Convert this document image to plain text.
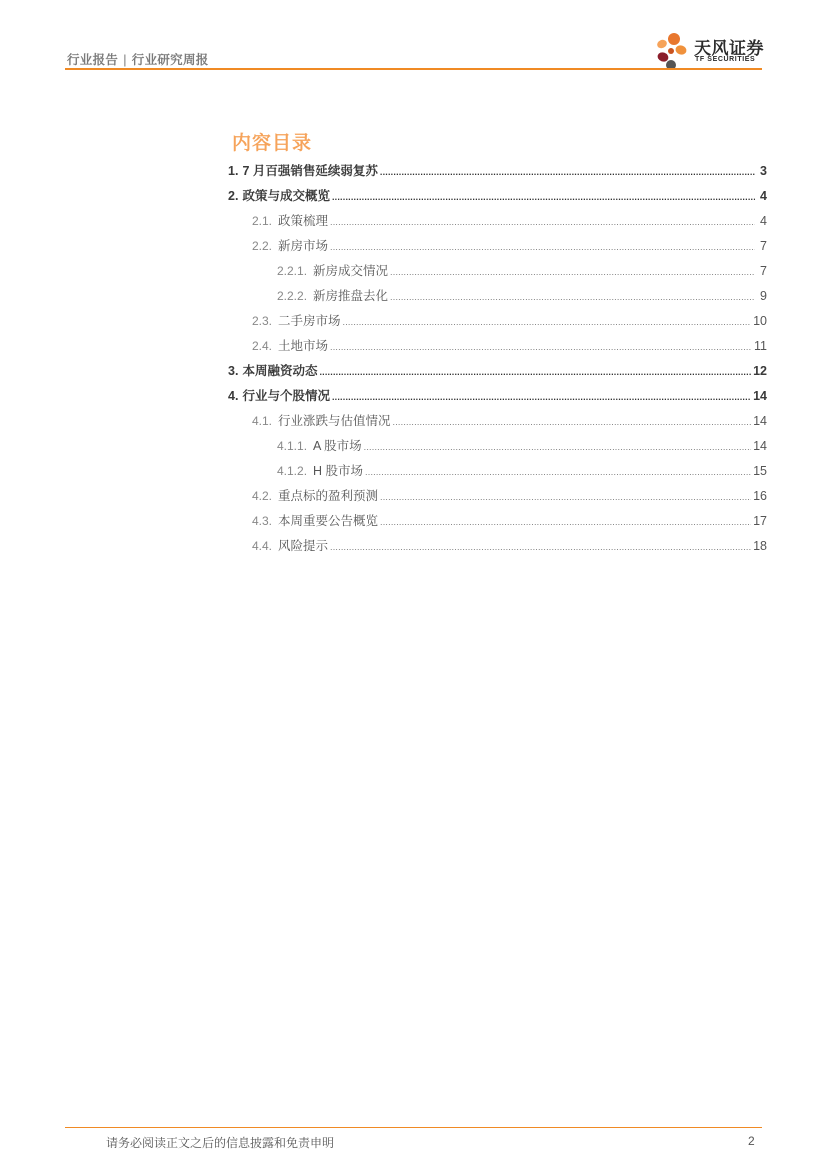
行业报告 | 行业研究周报
天风证券
TF SECURITIES
内容目录
1. 7 月百强销售延续弱复苏 .....	3
2. 政策与成交概览 .....	4
2.1. 政策梳理 .....	4
2.2. 新房市场 .....	7
2.2.1. 新房成交情况 .....	7
2.2.2. 新房推盘去化 .....	9
2.3. 二手房市场 .....	10
2.4. 土地市场 .....	11
3. 本周融资动态 .....	12
4. 行业与个股情况 .....	14
4.1. 行业涨跌与估值情况 .....	14
4.1.1. A 股市场 .....	14
4.1.2. H 股市场 .....	15
4.2. 重点标的盈利预测 .....	16
4.3. 本周重要公告概览 .....	17
4.4. 风险提示 .....	18
请务必阅读正文之后的信息披露和免责申明	2
